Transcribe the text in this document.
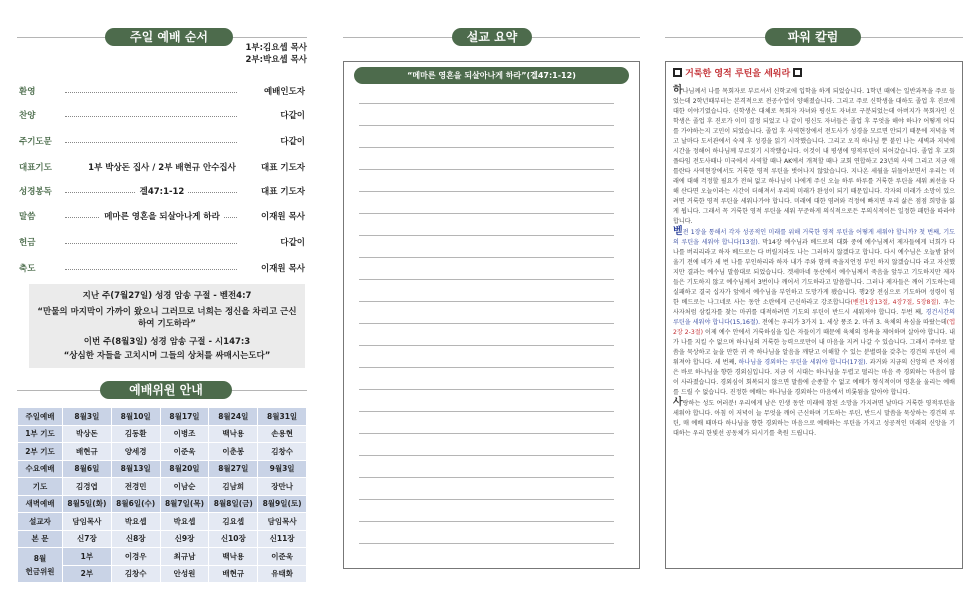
주일 예배 순서
1부:김요셉 목사
2부:박요셉 목사
환영	예배인도자
찬양	다같이
주기도문	다같이
대표기도	1부 박상돈 집사 / 2부 배현규 안수집사	대표 기도자
성경봉독	겔47:1-12	대표 기도자
말씀	메마른 영혼을 되살아나게 하라	이재원 목사
헌금	다같이
축도	이재원 목사
지난 주(7월27일) 성경 암송 구절 - 벧전4:7
“만물의 마지막이 가까이 왔으니 그러므로 너희는 정신을 차리고 근신하여 기도하라”
이번 주(8월3일) 성경 암송 구절 - 시147:3
“상심한 자들을 고치시며 그들의 상처를 싸매시는도다”
예배위원 안내
주일예배	8월3일	8월10일	8월17일	8월24일	8월31일
1부 기도	박상돈	김동환	이병조	백낙용	손용현
2부 기도	배현규	양세경	이준욱	이춘봉	김창수
수요예배	8월6일	8월13일	8월20일	8월27일	9월3일
기도	김경엽	전경민	이남순	김남희	장만나
새벽예배	8월5일(화)	8월6일(수)	8월7일(목)	8월8일(금)	8월9일(토)
설교자	담임목사	박요셉	박요셉	김요셉	담임목사
본 문	신7장	신8장	신9장	신10장	신11장
8월
헌금위원	1부	이경우	최규남	백낙용	이준욱
	2부	김창수	안성원	배현규	유태화
설교 요약
“메마른 영혼을 되살아나게 하라”(겔47:1-12)
파워 칼럼
거룩한 영적 루틴을 세워라

하나님께서 나를 목회자로 부르셔서 신학교에 입학을 하게 되었습니다. 1학년 때에는 일반과목을 주로 들었는데 2학년때부터는 본격적으로 전공수업이 양해졌습니다. 그리고 주로 신학생을 대하도 졸업 후 진로에 대한 이야기였습니다. 신학생은 대체로 목회자 자녀와 평신도 자녀로 구분되었는데 아버지가 목회자인 신학생은 졸업 후 진로가 이미 결정 되었고 나 같이 평신도 자녀들은 졸업 후 무엇을 해야 하나? 어떻게 어디를 가야하는지 고민이 되었습니다. 졸업 후 사역현장에서 전도사가 성경을 모르면 안되기 때문에 저녁을 먹고 날마다 도서관에서 숙제 후 성경을 읽기 시작했습니다. 그리고 오직 하나님 뿐 붙인 나는 새벽과 저녁에 시간을 정해어 하나님께 부르짖기 시작했습니다. 이것이 내 평생에 영적루틴이 되어갔습니다. 졸업 후 교회 플타임 전도사때나 미국에서 사역할 때나 AK에서 개척할 때나 교회 연합하고 23년의 사역 그리고 지금 애틀란타 사역현장에서도 거룩한 영적 루틴을 벗어나지 않았습니다. 지나온 세월을 뒤돌아보면서 우리는 미래에 대해 걱정할 필요가 전혀 없고 하나님이 나에게 주신 오늘 하루 하루를 거룩한 루틴을 세워 최선을 다해 산다면 오늘이라는 시간이 더해져서 우리의 미래가 완성이 되기 때문입니다. 각자의 미래가 소망이 있으려면 거룩한 영적 루틴을 세워나가야 합니다. 미래에 대한 염려와 걱정에 빠지면 우리 삶은 점점 희망을 잃게 됩니다. 그래서 꼭 거룩한 영적 루틴을 세워 꾸준하게 의식적으로든 무의식적이든 일정한 패턴을 따라야 합니다.

벧전 1장을 통해서 각자 성공적인 미래를 위해 거룩한 영적 루틴을 어떻게 세워야 할니까? 첫 번째, 기도의 루틴을 세워야 합니다(13절). 막14장 예수님과 베드로의 대화 중에 예수님께서 제자들에게 너희가 다 나를 버리리라고 하자 베드로는 다 버릴지라도 나는 그러하지 않겠다고 합니다. 다시 예수님은 오늘밤 닭이 울기 전에 네가 세 번 나를 부인하리라 하자 내가 주와 함께 죽을지언정 부인 하지 않겠습니다 라고 자신했지만 결과는 예수님 말씀대로 되었습니다. 겟세마네 동산에서 예수님께서 죽음을 앞두고 기도하지만 제자들은 기도하지 않고 예수님께서 3번이나 깨어서 기도하라고 말씀합니다. 그러나 제자들은 깨어 기도하는데 실패하고 결국 십자가 앞에서 예수님을 부인하고 도망가게 됐습니다. 행2장 전심으로 기도하며 성령이 임한 베드로는 나그네로 사는 동안 소란에게 근신하라고 강조합니다(벧전1장13절, 4장7절, 5장8절). 우는 사자처럼 삼킬자를 찾는 마귀를 대적하려면 기도의 루틴이 반드시 세워져야 합니다. 두번 째, 경건시간의 루틴을 세워야 합니다(15,16절). 전에는 우리가 3가지 1. 세상 풍조 2. 마귀 3. 육체의 욕심을 따랐는데(엡2장 2-3절) 이제 예수 안에서 거룩하심을 입은 자들이기 때문에 육체의 정욕을 제어하며 살아야 합니다. 내가 나를 지킬 수 없으며 하나님의 거룩한 능력으로만이 내 마음을 지켜 나갈 수 있습니다. 그래서 주야로 말씀을 묵상하고 늘을 만한 귀 즉 하나님을 알음을 깨닫고 이해할 수 있는 분별력을 갖추는 경건의 루틴이 세워져야 합니다. 세 번째, 하나님을 경외하는 루틴을 세워야 합니다(17절). 과거와 지금의 신앙의 큰 차이점은 바로 하나님을 향한 경외심입니다. 지금 이 시대는 하나님을 두렵고 떨리는 마음 즉 경외하는 마음이 많이 사라졌습니다. 경외심이 회복되지 않으면 말씀에 순종할 수 없고 예배가 형식적이며 영혼을 울리는 예배를 드릴 수 없습니다. 진정한 예배는 하나님을 경외하는 마음에서 비롯됨을 알아야 합니다.

사랑하는 성도 여러분! 우리에게 남은 인생 동안 미래에 참된 소망을 가지려면 날마다 거룩한 영적루틴을 세워야 합니다. 아침 이 저녁이 늘 무엇을 깨어 근신하며 기도하는 루틴, 반드시 말씀을 묵상하는 경건의 루틴, 매 예배 때마다 하나님을 향한 경외하는 마음으로 예배하는 루틴을 가지고 성공적인 미래의 신앙을 기대하는 우리 한빛선 공동체가 되시기를 축원 드립니다.
